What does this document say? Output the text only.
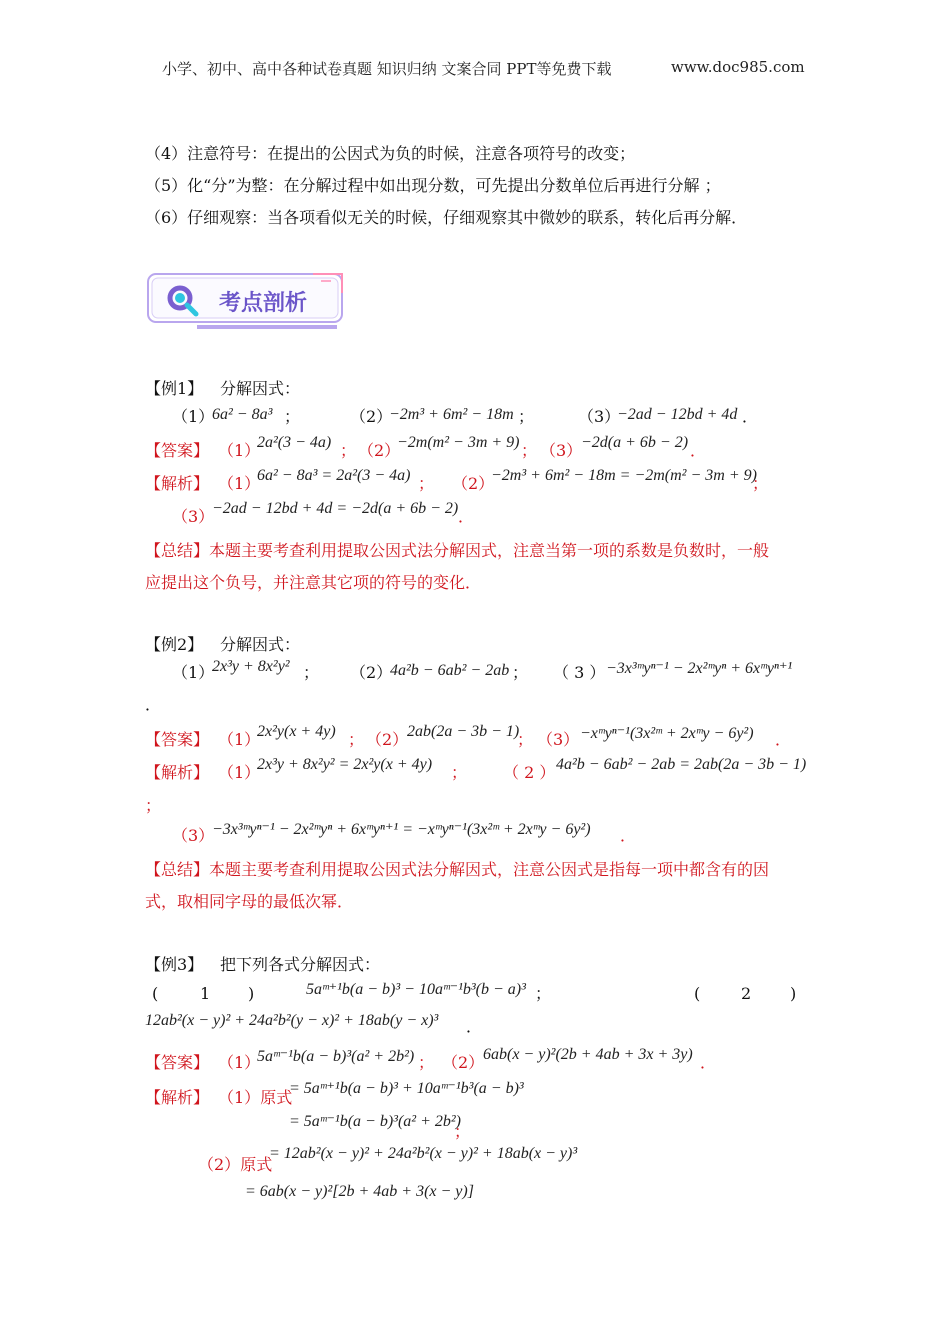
小学、初中、高中各种试卷真题 知识归纳 文案合同 PPT等免费下载	www.doc985.com
（4）注意符号：在提出的公因式为负的时候，注意各项符号的改变；
（5）化“分”为整：在分解过程中如出现分数，可先提出分数单位后再进行分解 ；
（6）仔细观察：当各项看似无关的时候，仔细观察其中微妙的联系，转化后再分解．
考点剖析
【例1】 分解因式：
（1）
6a² − 8a³ ；	（2）
−2m³ + 6m² − 18m ；	（3）
−2ad − 12bd + 4d ．
【答案】 （1）
2a²(3 − 4a) ； （2）
−2m(m² − 3m + 9) ； （3）
−2d(a + 6b − 2) ．
【解析】 （1）
6a² − 8a³ = 2a²(3 − 4a) ； （2）
−2m³ + 6m² − 18m = −2m(m² − 3m + 9)
；
（3）
−2ad − 12bd + 4d = −2d(a + 6b − 2) ．
【总结】本题主要考查利用提取公因式法分解因式，注意当第一项的系数是负数时，一般
应提出这个负号，并注意其它项的符号的变化．
【例2】 分解因式：
（1）
2x³y + 8x²y² ； （2）
4a²b − 6ab² − 2ab ； （ 3 ） −3x³ᵐyⁿ⁻¹ − 2x²ᵐyⁿ + 6xᵐyⁿ⁺¹
．
【答案】 （1）
2x²y(x + 4y) ； （2）
2ab(2a − 3b − 1)
； （3） −xᵐyⁿ⁻¹(3x²ᵐ + 2xᵐy − 6y²) ．
【解析】 （1）
2x³y + 8x²y² = 2x²y(x + 4y) ； （ 2 ） 4a²b − 6ab² − 2ab = 2ab(2a − 3b − 1)
；
（3）
−3x³ᵐyⁿ⁻¹ − 2x²ᵐyⁿ + 6xᵐyⁿ⁺¹ = −xᵐyⁿ⁻¹(3x²ᵐ + 2xᵐy − 6y²) ．
【总结】本题主要考查利用提取公因式法分解因式，注意公因式是指每一项中都含有的因
式，取相同字母的最低次幂．
【例3】 把下列各式分解因式：
(	1 )	5aᵐ⁺¹b(a − b)³ − 10aᵐ⁻¹b³(b − a)³ ；	(	2 )
12ab²(x − y)² + 24a²b²(y − x)² + 18ab(y − x)³ ．
【答案】 （1）
5aᵐ⁻¹b(a − b)³(a² + 2b²) ； （2）
6ab(x − y)²(2b + 4ab + 3x + 3y) ．
【解析】 （1）原式
= 5aᵐ⁺¹b(a − b)³ + 10aᵐ⁻¹b³(a − b)³
= 5aᵐ⁻¹b(a − b)³(a² + 2b²)
；
（2）原式
= 12ab²(x − y)² + 24a²b²(x − y)² + 18ab(x − y)³
= 6ab(x − y)²[2b + 4ab + 3(x − y)]
